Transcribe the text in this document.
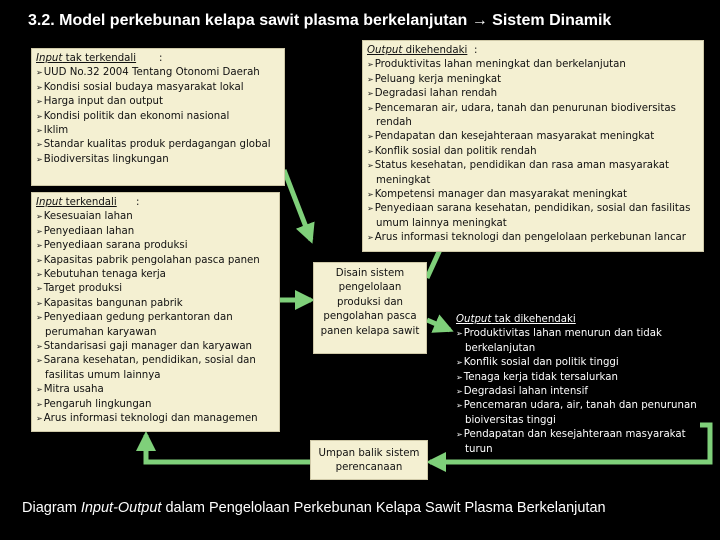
3.2. Model perkebunan kelapa sawit plasma berkelanjutan → Sistem Dinamik
Input tak terkendali	:
➢ UUD No.32 2004 Tentang Otonomi Daerah
➢ Kondisi sosial budaya masyarakat lokal
➢ Harga input dan output
➢ Kondisi politik dan ekonomi nasional
➢ Iklim
➢ Standar kualitas produk perdagangan global
➢ Biodiversitas lingkungan
Input terkendali	:
➢ Kesesuaian lahan
➢ Penyediaan lahan
➢ Penyediaan sarana produksi
➢ Kapasitas pabrik pengolahan pasca panen
➢ Kebutuhan tenaga kerja
➢ Target produksi
➢ Kapasitas bangunan pabrik
➢ Penyediaan gedung perkantoran dan perumahan karyawan
➢ Standarisasi gaji manager dan karyawan
➢ Sarana kesehatan, pendidikan, sosial dan fasilitas umum lainnya
➢ Mitra usaha
➢ Pengaruh lingkungan
➢ Arus informasi teknologi dan managemen
Output dikehendaki :
➢ Produktivitas lahan meningkat dan berkelanjutan
➢ Peluang kerja meningkat
➢ Degradasi lahan rendah
➢ Pencemaran air, udara, tanah dan penurunan biodiversitas rendah
➢ Pendapatan dan kesejahteraan masyarakat meningkat
➢ Konflik sosial dan politik rendah
➢ Status kesehatan, pendidikan dan rasa aman masyarakat meningkat
➢ Kompetensi manager dan masyarakat meningkat
➢ Penyediaan sarana kesehatan, pendidikan, sosial dan fasilitas umum lainnya meningkat
➢ Arus informasi teknologi dan pengelolaan perkebunan lancar
Disain sistem pengelolaan produksi dan pengolahan pasca panen kelapa sawit
Output tak dikehendaki
➢ Produktivitas lahan menurun dan tidak berkelanjutan
➢ Konflik sosial dan politik tinggi
➢ Tenaga kerja tidak tersalurkan
➢ Degradasi lahan intensif
➢ Pencemaran udara, air, tanah dan penurunan bioiversitas tinggi
➢ Pendapatan dan kesejahteraan masyarakat turun
Umpan balik sistem perencanaan
Diagram Input-Output dalam Pengelolaan Perkebunan Kelapa Sawit Plasma Berkelanjutan
